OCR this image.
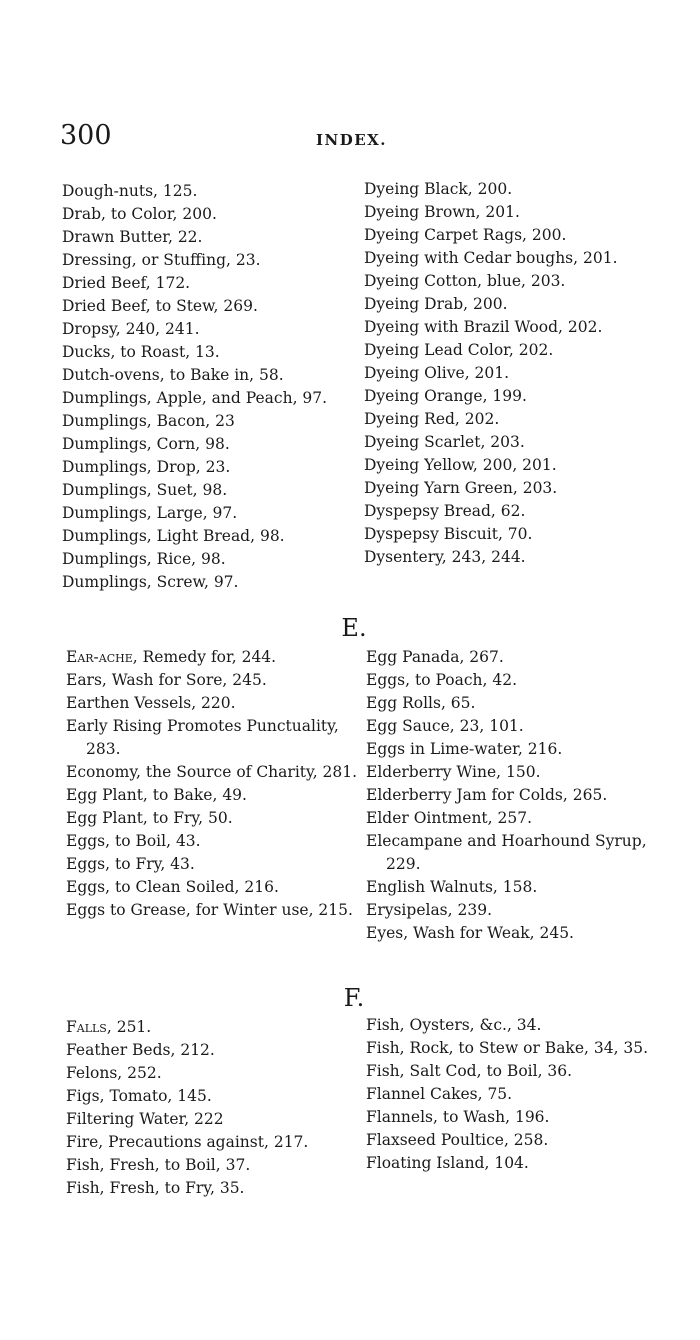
300	INDEX.
Dough-nuts, 125.
Drab, to Color, 200.
Drawn Butter, 22.
Dressing, or Stuffing, 23.
Dried Beef, 172.
Dried Beef, to Stew, 269.
Dropsy, 240, 241.
Ducks, to Roast, 13.
Dutch-ovens, to Bake in, 58.
Dumplings, Apple, and Peach, 97.
Dumplings, Bacon, 23
Dumplings, Corn, 98.
Dumplings, Drop, 23.
Dumplings, Suet, 98.
Dumplings, Large, 97.
Dumplings, Light Bread, 98.
Dumplings, Rice, 98.
Dumplings, Screw, 97.
Dyeing Black, 200.
Dyeing Brown, 201.
Dyeing Carpet Rags, 200.
Dyeing with Cedar boughs, 201.
Dyeing Cotton, blue, 203.
Dyeing Drab, 200.
Dyeing with Brazil Wood, 202.
Dyeing Lead Color, 202.
Dyeing Olive, 201.
Dyeing Orange, 199.
Dyeing Red, 202.
Dyeing Scarlet, 203.
Dyeing Yellow, 200, 201.
Dyeing Yarn Green, 203.
Dyspepsy Bread, 62.
Dyspepsy Biscuit, 70.
Dysentery, 243, 244.
E.
Ear-ache, Remedy for, 244.
Ears, Wash for Sore, 245.
Earthen Vessels, 220.
Early Rising Promotes Punctuality, 283.
Economy, the Source of Charity, 281.
Egg Plant, to Bake, 49.
Egg Plant, to Fry, 50.
Eggs, to Boil, 43.
Eggs, to Fry, 43.
Eggs, to Clean Soiled, 216.
Eggs to Grease, for Winter use, 215.
Egg Panada, 267.
Eggs, to Poach, 42.
Egg Rolls, 65.
Egg Sauce, 23, 101.
Eggs in Lime-water, 216.
Elderberry Wine, 150.
Elderberry Jam for Colds, 265.
Elder Ointment, 257.
Elecampane and Hoarhound Syrup, 229.
English Walnuts, 158.
Erysipelas, 239.
Eyes, Wash for Weak, 245.
F.
Falls, 251.
Feather Beds, 212.
Felons, 252.
Figs, Tomato, 145.
Filtering Water, 222
Fire, Precautions against, 217.
Fish, Fresh, to Boil, 37.
Fish, Fresh, to Fry, 35.
Fish, Oysters, &c., 34.
Fish, Rock, to Stew or Bake, 34, 35.
Fish, Salt Cod, to Boil, 36.
Flannel Cakes, 75.
Flannels, to Wash, 196.
Flaxseed Poultice, 258.
Floating Island, 104.
